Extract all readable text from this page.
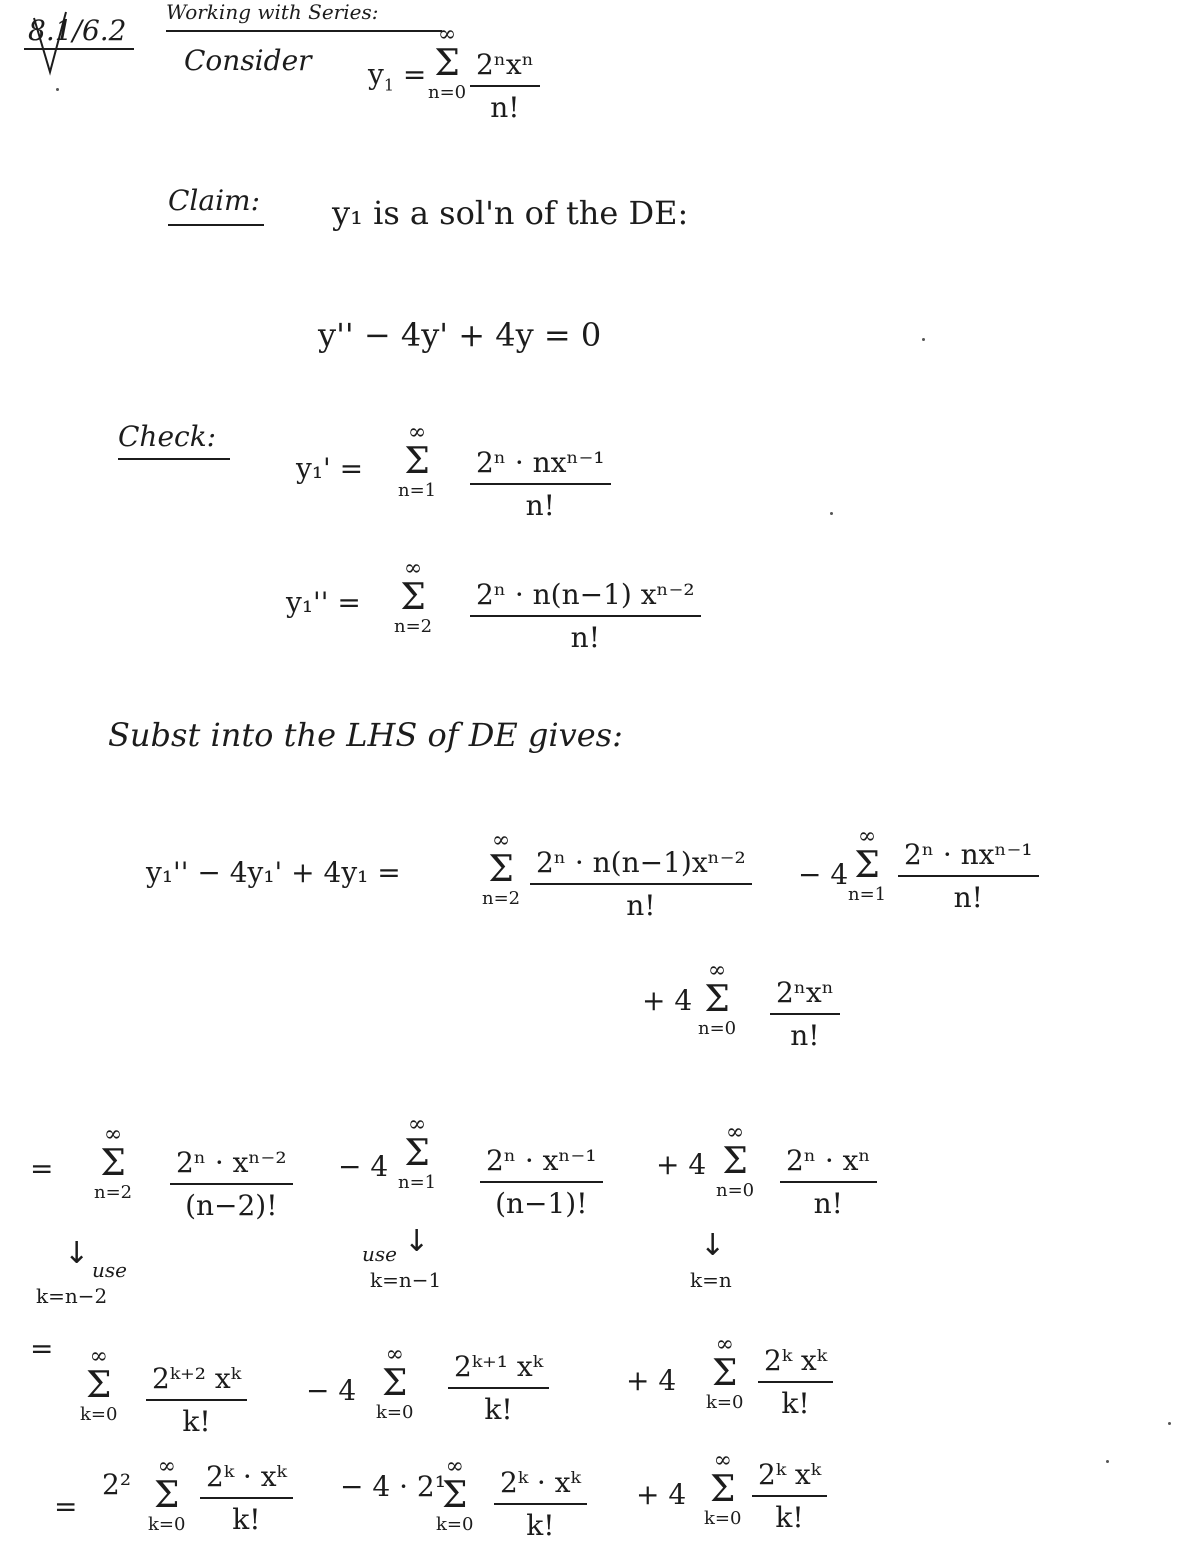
8.1/6.2
Working with Series:
Consider $y_1$ =
∞
Σ
n=0
2ⁿxⁿ
n!
Claim: y₁ is a sol'n of the DE:
y'' − 4y' + 4y = 0
Check:
y₁' =
∞
Σ
n=1
2ⁿ · nxⁿ⁻¹
n!
y₁'' =
∞
Σ
n=2
2ⁿ · n(n−1) xⁿ⁻²
n!
Subst into the LHS of DE gives:
y₁'' − 4y₁' + 4y₁ =
∞
Σ
n=2
2ⁿ · n(n−1)xⁿ⁻²
n!
− 4
∞
Σ
n=1
2ⁿ · nxⁿ⁻¹
n!
+ 4
∞
Σ
n=0
2ⁿxⁿ
n!
=
∞
Σ
n=2
2ⁿ · xⁿ⁻²
(n−2)!
− 4
∞
Σ
n=1
2ⁿ · xⁿ⁻¹
(n−1)!
+ 4
∞
Σ
n=0
2ⁿ · xⁿ
n!
↓ use
k=n−2
↓
use
k=n−1
↓
k=n
= ∞
Σ
k=0
2ᵏ⁺² xᵏ
k!
− 4
∞
Σ
k=0
2ᵏ⁺¹ xᵏ
k!
+ 4
∞
Σ
k=0
2ᵏ xᵏ
k!
=
2²
∞
Σ
k=0
2ᵏ · xᵏ
k!
− 4 · 2¹
∞
Σ
k=0
2ᵏ · xᵏ
k!
+ 4
∞
Σ
k=0
2ᵏ xᵏ
k!
